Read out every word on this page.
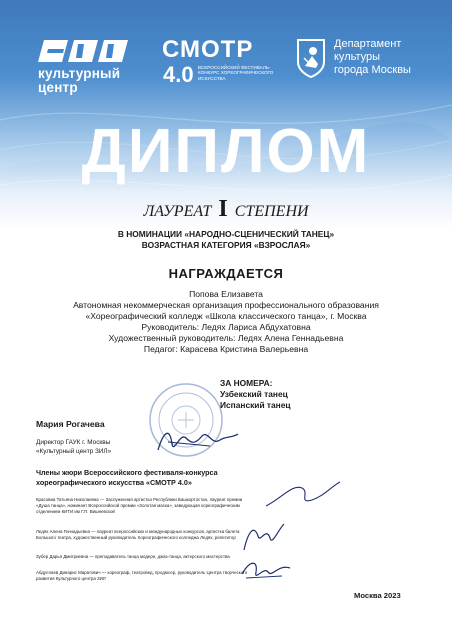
культурный
центр
СМОТР
4.0 ВСЕРОССИЙСКИЙ ФЕСТИВАЛЬ-КОНКУРС ХОРЕОГРАФИЧЕСКОГО ИСКУССТВА
Департамент
культуры
города Москвы
ДИПЛОМ
ЛАУРЕАТ I СТЕПЕНИ
В НОМИНАЦИИ «НАРОДНО-СЦЕНИЧЕСКИЙ ТАНЕЦ»
ВОЗРАСТНАЯ КАТЕГОРИЯ «ВЗРОСЛАЯ»
НАГРАЖДАЕТСЯ
Попова Елизавета
Автономная некоммерческая организация профессионального образования
«Хореографический колледж «Школа классического танца», г. Москва
Руководитель: Ледях Лариса Абдухатовна
Художественный руководитель: Ледях Алена Геннадьевна
Педагог: Карасева Кристина Валерьевна
ЗА НОМЕРА:
Узбекский танец
Испанский танец
Мария Рогачева
Директор ГАУК г. Москвы
«Культурный центр ЗИЛ»
Члены жюри Всероссийского фестиваля-конкурса
хореографического искусства «СМОТР 4.0»
Красовиа Татьяна Николаевна — Заслуженная артистка Республики Башкортостан, лауреат премии «Душа танца», номинант Всероссийской премии «Золотая маска», заведующая хореографическим отделением КИТИ им Г.П. Вишневской
Ледях Алена Геннадьевна — лауреат всероссийских и международных конкурсов, артистка балета Большого театра, художественный руководитель Хореографического колледжа Ледях, репетитор
Зубер Дарья Дмитриевна — преподаватель танца модерн, джаз-танца, актерского мастерства
Абдуллаев Динарис Маратович — хореограф, театровед, продюсер, руководитель Центра творческого развития Культурного центра ЗИЛ
Москва 2023
